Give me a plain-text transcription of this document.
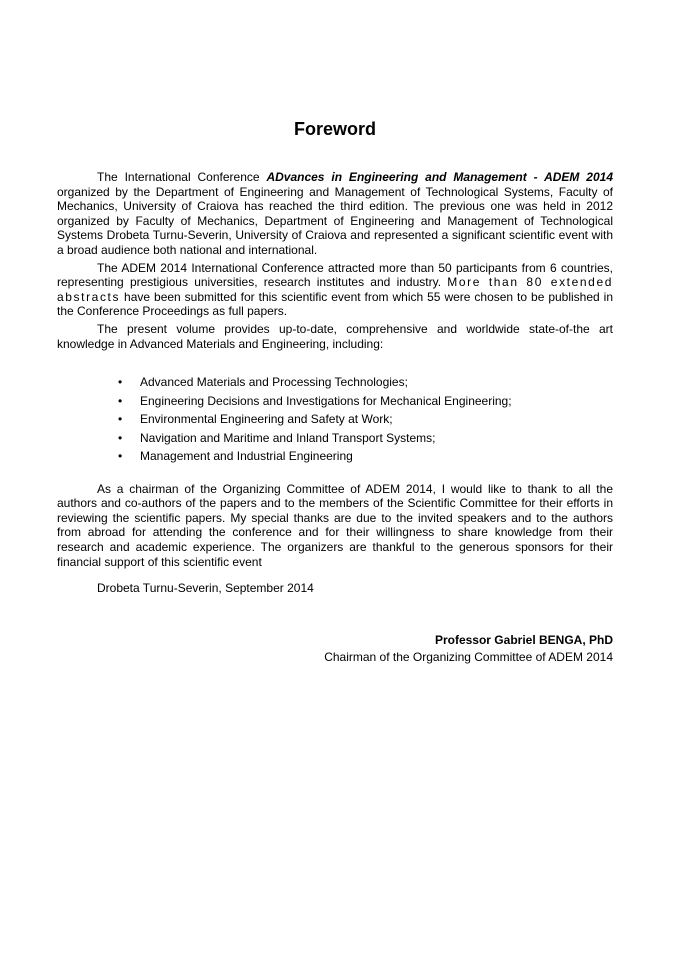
Foreword

The International Conference ADvances in Engineering and Management - ADEM 2014 organized by the Department of Engineering and Management of Technological Systems, Faculty of Mechanics, University of Craiova has reached the third edition. The previous one was held in 2012 organized by Faculty of Mechanics, Department of Engineering and Management of Technological Systems Drobeta Turnu-Severin, University of Craiova and represented a significant scientific event with a broad audience both national and international.

The ADEM 2014 International Conference attracted more than 50 participants from 6 countries, representing prestigious universities, research institutes and industry. More than 80 extended abstracts have been submitted for this scientific event from which 55 were chosen to be published in the Conference Proceedings as full papers.

The present volume provides up-to-date, comprehensive and worldwide state-of-the art knowledge in Advanced Materials and Engineering, including:

• Advanced Materials and Processing Technologies;
• Engineering Decisions and Investigations for Mechanical Engineering;
• Environmental Engineering and Safety at Work;
• Navigation and Maritime and Inland Transport Systems;
• Management and Industrial Engineering

As a chairman of the Organizing Committee of ADEM 2014, I would like to thank to all the authors and co-authors of the papers and to the members of the Scientific Committee for their efforts in reviewing the scientific papers. My special thanks are due to the invited speakers and to the authors from abroad for attending the conference and for their willingness to share knowledge from their research and academic experience. The organizers are thankful to the generous sponsors for their financial support of this scientific event

Drobeta Turnu-Severin, September 2014

Professor Gabriel BENGA, PhD
Chairman of the Organizing Committee of ADEM 2014
